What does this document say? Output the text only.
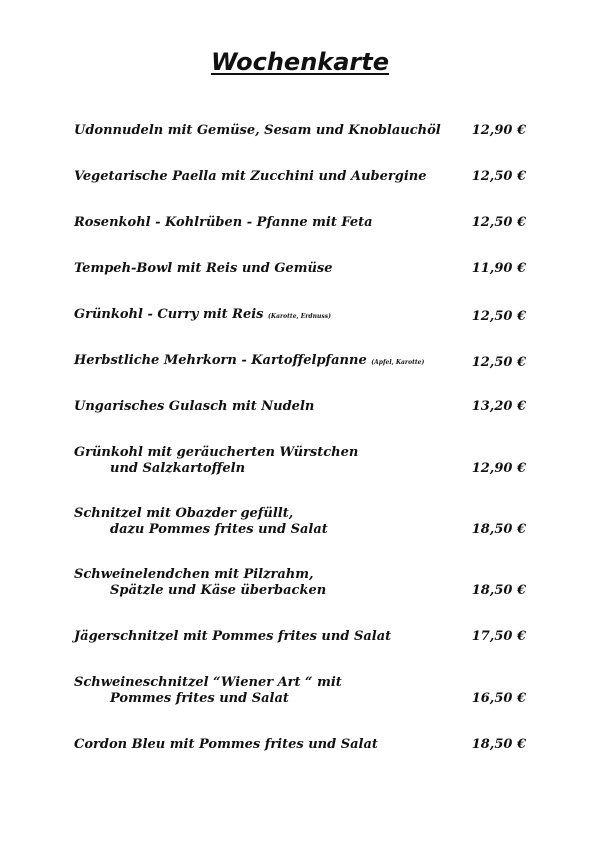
Wochenkarte
Udonnudeln mit Gemüse, Sesam und Knoblauchöl	12,90 €
Vegetarische Paella mit Zucchini und Aubergine	12,50 €
Rosenkohl - Kohlrüben - Pfanne mit Feta	12,50 €
Tempeh-Bowl mit Reis und Gemüse	11,90 €
Grünkohl - Curry mit Reis (Karotte, Erdnuss)	12,50 €
Herbstliche Mehrkorn - Kartoffelpfanne (Apfel, Karotte)	12,50 €
Ungarisches Gulasch mit Nudeln	13,20 €
Grünkohl mit geräucherten Würstchen
und Salzkartoffeln	12,90 €
Schnitzel mit Obazder gefüllt,
dazu Pommes frites und Salat	18,50 €
Schweinelendchen mit Pilzrahm,
Spätzle und Käse überbacken	18,50 €
Jägerschnitzel mit Pommes frites und Salat	17,50 €
Schweineschnitzel “Wiener Art “ mit
Pommes frites und Salat	16,50 €
Cordon Bleu mit Pommes frites und Salat	18,50 €
